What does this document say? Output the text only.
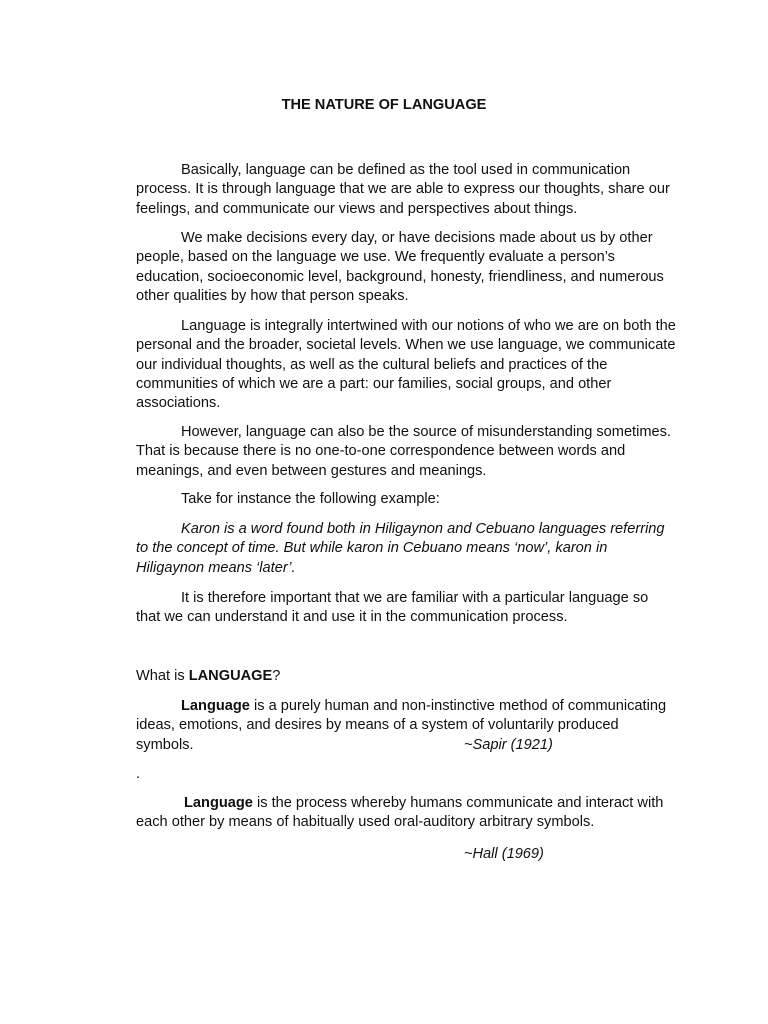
THE NATURE OF LANGUAGE

Basically, language can be defined as the tool used in communication process. It is through language that we are able to express our thoughts, share our feelings, and communicate our views and perspectives about things.

We make decisions every day, or have decisions made about us by other people, based on the language we use. We frequently evaluate a person’s education, socioeconomic level, background, honesty, friendliness, and numerous other qualities by how that person speaks.

Language is integrally intertwined with our notions of who we are on both the personal and the broader, societal levels. When we use language, we communicate our individual thoughts, as well as the cultural beliefs and practices of the communities of which we are a part: our families, social groups, and other associations.

However, language can also be the source of misunderstanding sometimes. That is because there is no one-to-one correspondence between words and meanings, and even between gestures and meanings.

Take for instance the following example:

Karon is a word found both in Hiligaynon and Cebuano languages referring to the concept of time. But while karon in Cebuano means ‘now’, karon in Hiligaynon means ‘later’.

It is therefore important that we are familiar with a particular language so that we can understand it and use it in the communication process.

What is LANGUAGE?

Language is a purely human and non-instinctive method of communicating ideas, emotions, and desires by means of a system of voluntarily produced symbols.	~Sapir (1921)

.

Language is the process whereby humans communicate and interact with each other by means of habitually used oral-auditory arbitrary symbols.

~Hall (1969)
